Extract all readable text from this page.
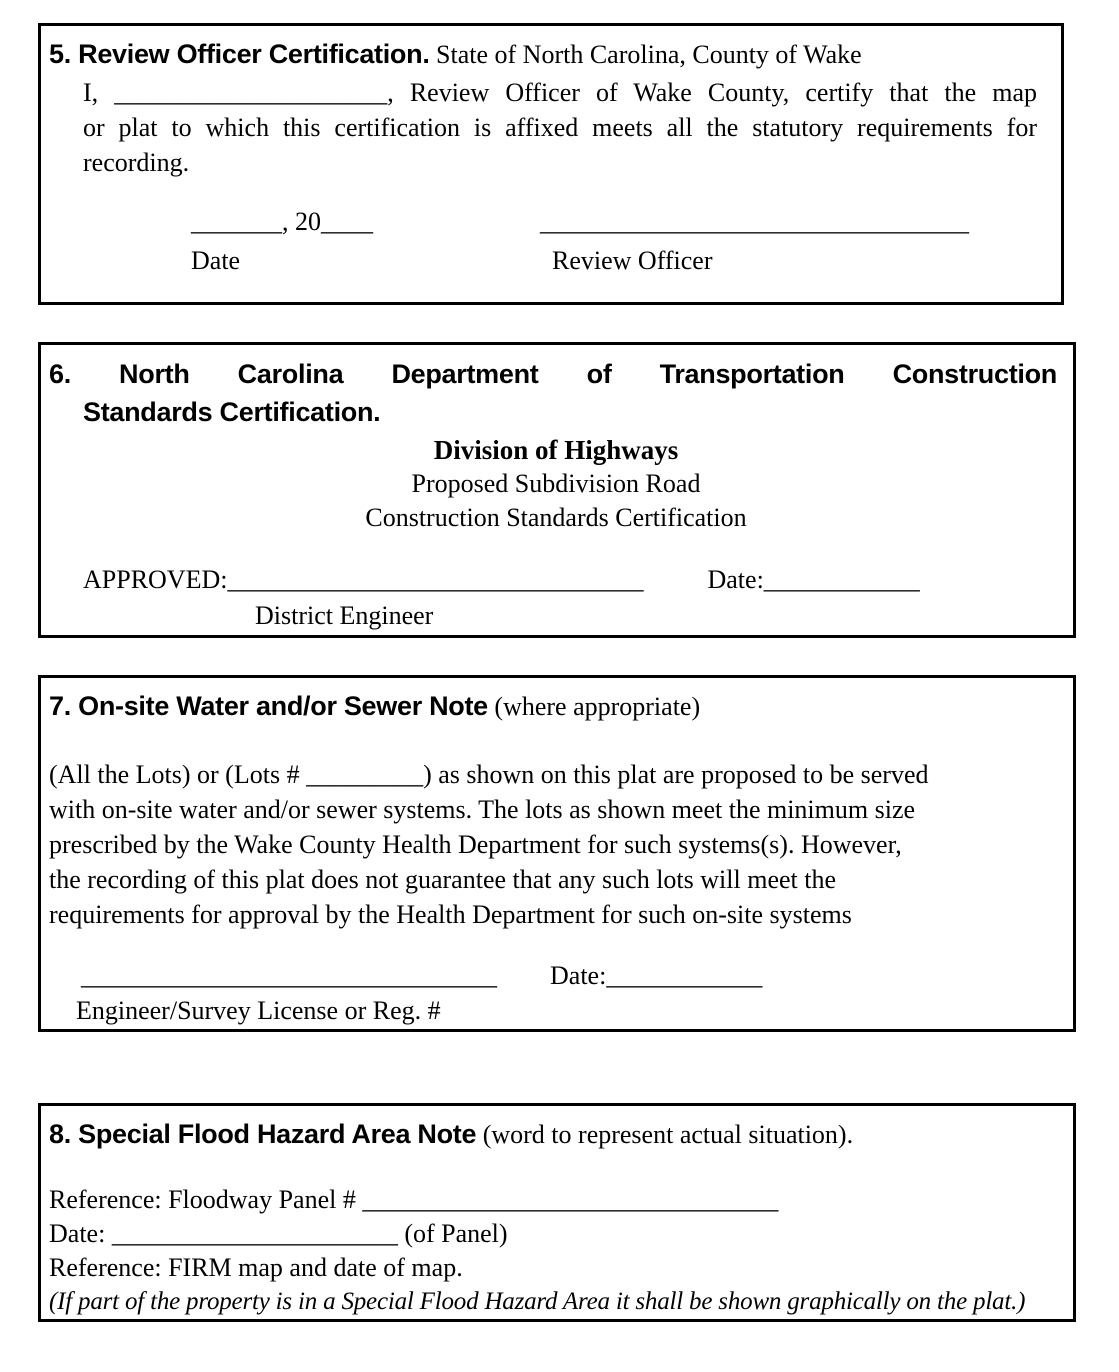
5. Review Officer Certification. State of North Carolina, County of Wake
I, _____________________, Review Officer of Wake County, certify that the map
or plat to which this certification is affixed meets all the statutory requirements for
recording.
_______, 20____
Date
_________________________________
Review Officer
6. North Carolina Department of Transportation Construction
Standards Certification.
Division of Highways
Proposed Subdivision Road
Construction Standards Certification
APPROVED:________________________________ Date:____________
District Engineer
7. On-site Water and/or Sewer Note (where appropriate)
(All the Lots) or (Lots # _________) as shown on this plat are proposed to be served
with on-site water and/or sewer systems. The lots as shown meet the minimum size
prescribed by the Wake County Health Department for such systems(s). However,
the recording of this plat does not guarantee that any such lots will meet the
requirements for approval by the Health Department for such on-site systems
________________________________ Date:____________
Engineer/Survey License or Reg. #
8. Special Flood Hazard Area Note (word to represent actual situation).
Reference: Floodway Panel # ________________________________
Date: ______________________ (of Panel)
Reference: FIRM map and date of map.
(If part of the property is in a Special Flood Hazard Area it shall be shown graphically on the plat.)
